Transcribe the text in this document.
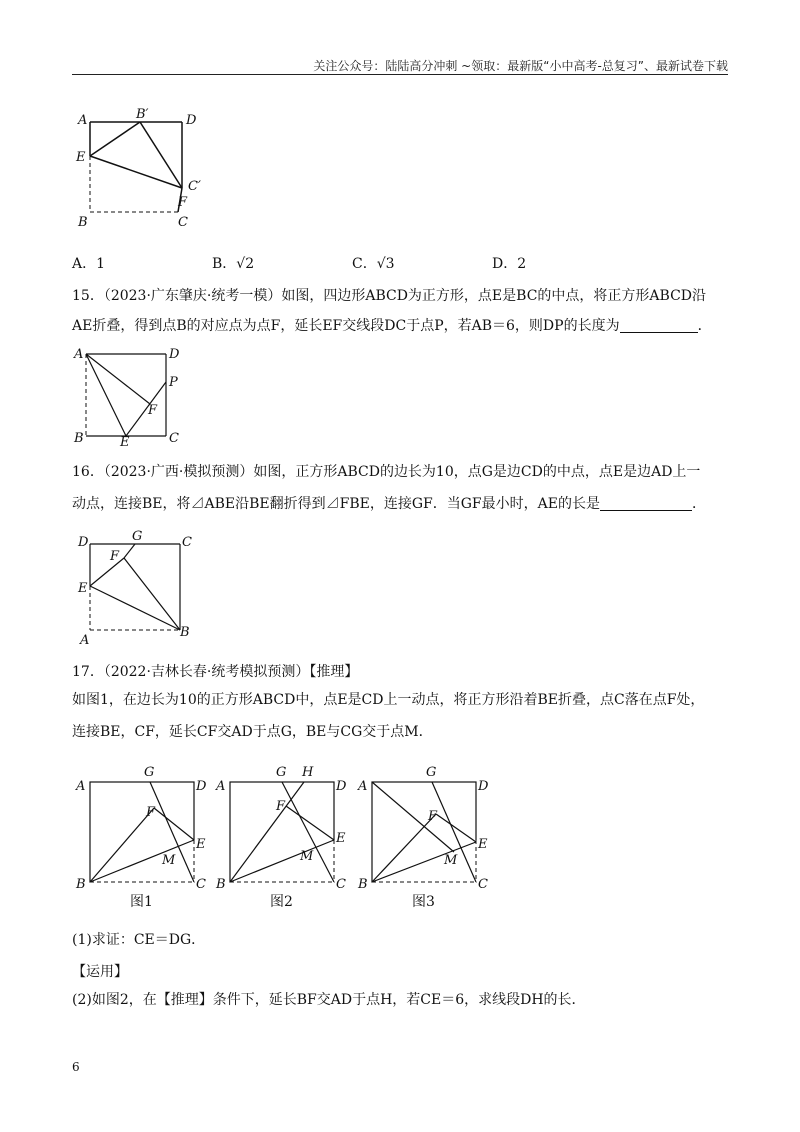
关注公众号：陆陆高分冲刺 ~领取：最新版“小中高考-总复习”、最新试卷下载
A	B′	D
E
C′
F
B	C
A．1	B．√2	C．√3	D．2
15．（2023·广东肇庆·统考一模）如图，四边形ABCD为正方形，点E是BC的中点，将正方形ABCD沿
AE折叠，得到点B的对应点为点F，延长EF交线段DC于点P，若AB＝6，则DP的长度为	．
A	D
P
F
B	E	C
16．（2023·广西·模拟预测）如图，正方形ABCD的边长为10，点G是边CD的中点，点E是边AD上一
动点，连接BE，将⊿ABE沿BE翻折得到⊿FBE，连接GF．当GF最小时，AE的长是	．
D	G	C
F
E
A
B
17．（2022·吉林长春·统考模拟预测）【推理】
如图1，在边长为10的正方形ABCD中，点E是CD上一动点，将正方形沿着BE折叠，点C落在点F处，
连接BE，CF，延长CF交AD于点G，BE与CG交于点M．
A
G
D
F
E
M
B	C
图1
A
G H
D
F
E
M
B	C
图2
A
G
D
F
E
M
B	C
图3
(1)求证：CE＝DG．
【运用】
(2)如图2，在【推理】条件下，延长BF交AD于点H，若CE＝6，求线段DH的长．
6
